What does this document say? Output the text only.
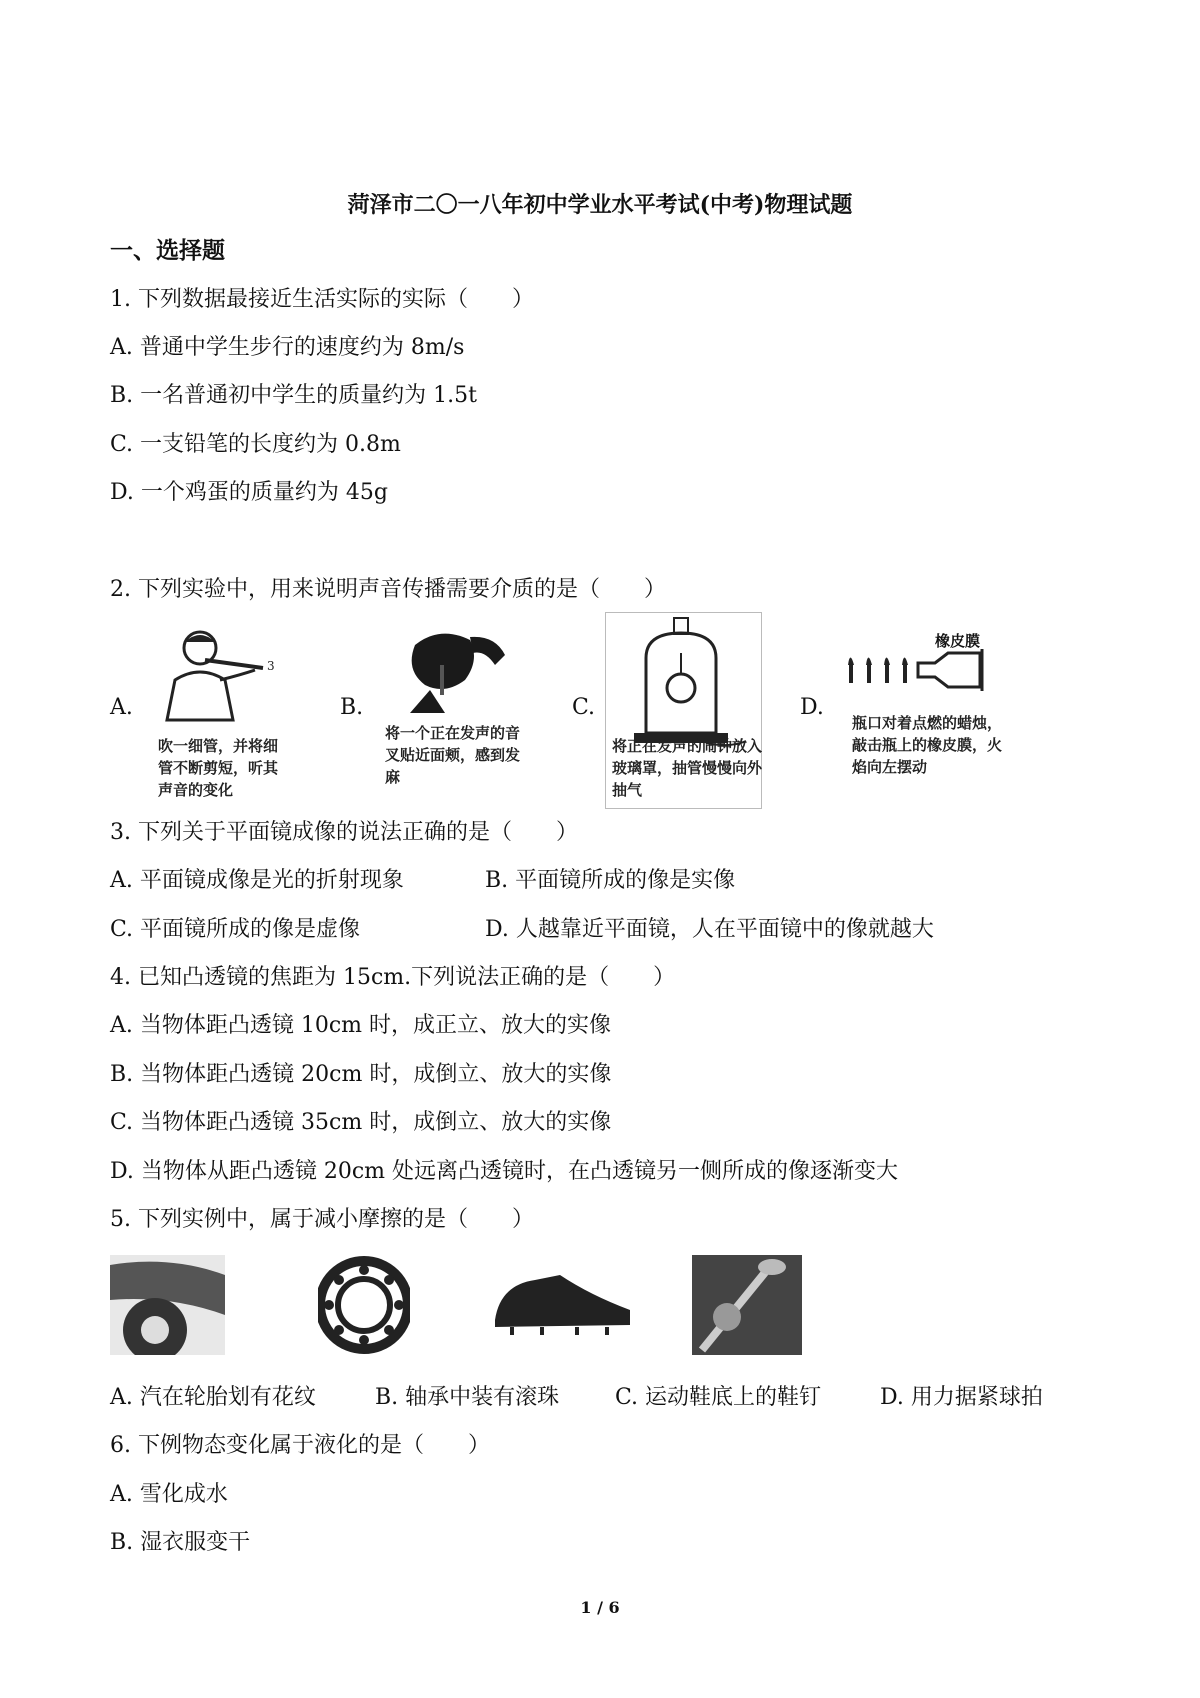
菏泽市二〇一八年初中学业水平考试(中考)物理试题
一、选择题
1. 下列数据最接近生活实际的实际（　　）
A. 普通中学生步行的速度约为 8m/s
B. 一名普通初中学生的质量约为 1.5t
C. 一支铅笔的长度约为 0.8m
D. 一个鸡蛋的质量约为 45g
2. 下列实验中，用来说明声音传播需要介质的是（　　）
A.
3
吹一细管，并将细管不断剪短，听其声音的变化
B.
将一个正在发声的音叉贴近面颊，感到发麻
C.
将正在发声的闹钟放入玻璃罩，抽管慢慢向外抽气
D.
橡皮膜
瓶口对着点燃的蜡烛，敲击瓶上的橡皮膜，火焰向左摆动
3. 下列关于平面镜成像的说法正确的是（　　）
A. 平面镜成像是光的折射现象	B. 平面镜所成的像是实像
C. 平面镜所成的像是虚像	D. 人越靠近平面镜，人在平面镜中的像就越大
4. 已知凸透镜的焦距为 15cm.下列说法正确的是（　　）
A. 当物体距凸透镜 10cm 时，成正立、放大的实像
B. 当物体距凸透镜 20cm 时，成倒立、放大的实像
C. 当物体距凸透镜 35cm 时，成倒立、放大的实像
D. 当物体从距凸透镜 20cm 处远离凸透镜时，在凸透镜另一侧所成的像逐渐变大
5. 下列实例中，属于减小摩擦的是（　　）
A. 汽在轮胎划有花纹	B. 轴承中装有滚珠	C. 运动鞋底上的鞋钉	D. 用力据紧球拍
6. 下例物态变化属于液化的是（　　）
A. 雪化成水
B. 湿衣服变干
1 / 6
